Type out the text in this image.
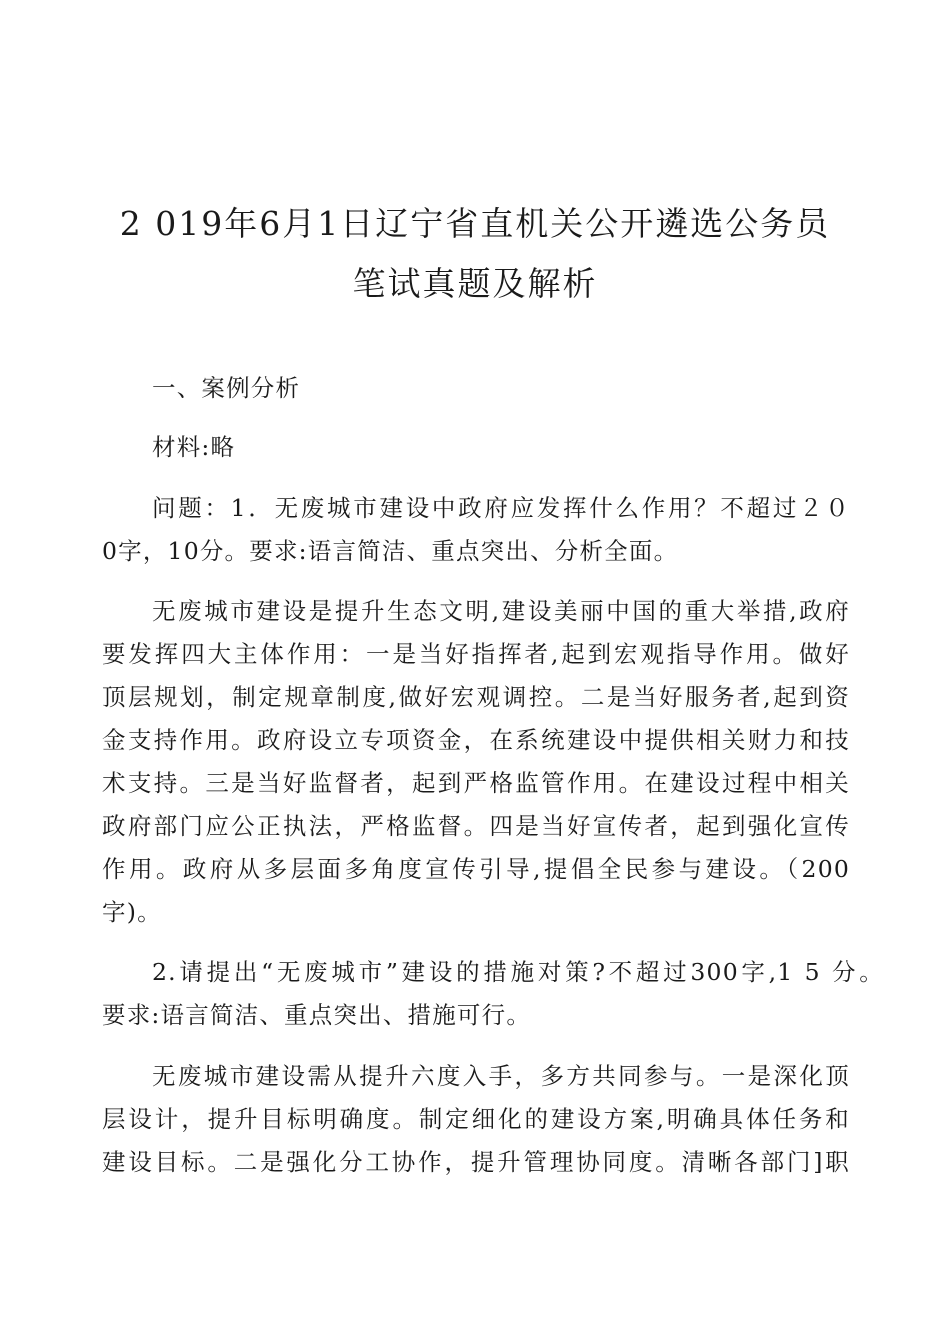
2 019年6月1日辽宁省直机关公开遴选公务员
笔试真题及解析
一、案例分析
材料:略
问题：1．无废城市建设中政府应发挥什么作用？不超过２０
0字，10分。要求:语言简洁、重点突出、分析全面。
无废城市建设是提升生态文明,建设美丽中国的重大举措,政府
要发挥四大主体作用：一是当好指挥者,起到宏观指导作用。做好
顶层规划，制定规章制度,做好宏观调控。二是当好服务者,起到资
金支持作用。政府设立专项资金，在系统建设中提供相关财力和技
术支持。三是当好监督者，起到严格监管作用。在建设过程中相关
政府部门应公正执法，严格监督。四是当好宣传者，起到强化宣传
作用。政府从多层面多角度宣传引导,提倡全民参与建设。（200
字)。
2.请提出“无废城市”建设的措施对策?不超过300字,1 5 分。
要求:语言简洁、重点突出、措施可行。
无废城市建设需从提升六度入手，多方共同参与。一是深化顶
层设计，提升目标明确度。制定细化的建设方案,明确具体任务和
建设目标。二是强化分工协作，提升管理协同度。清晰各部门]职
